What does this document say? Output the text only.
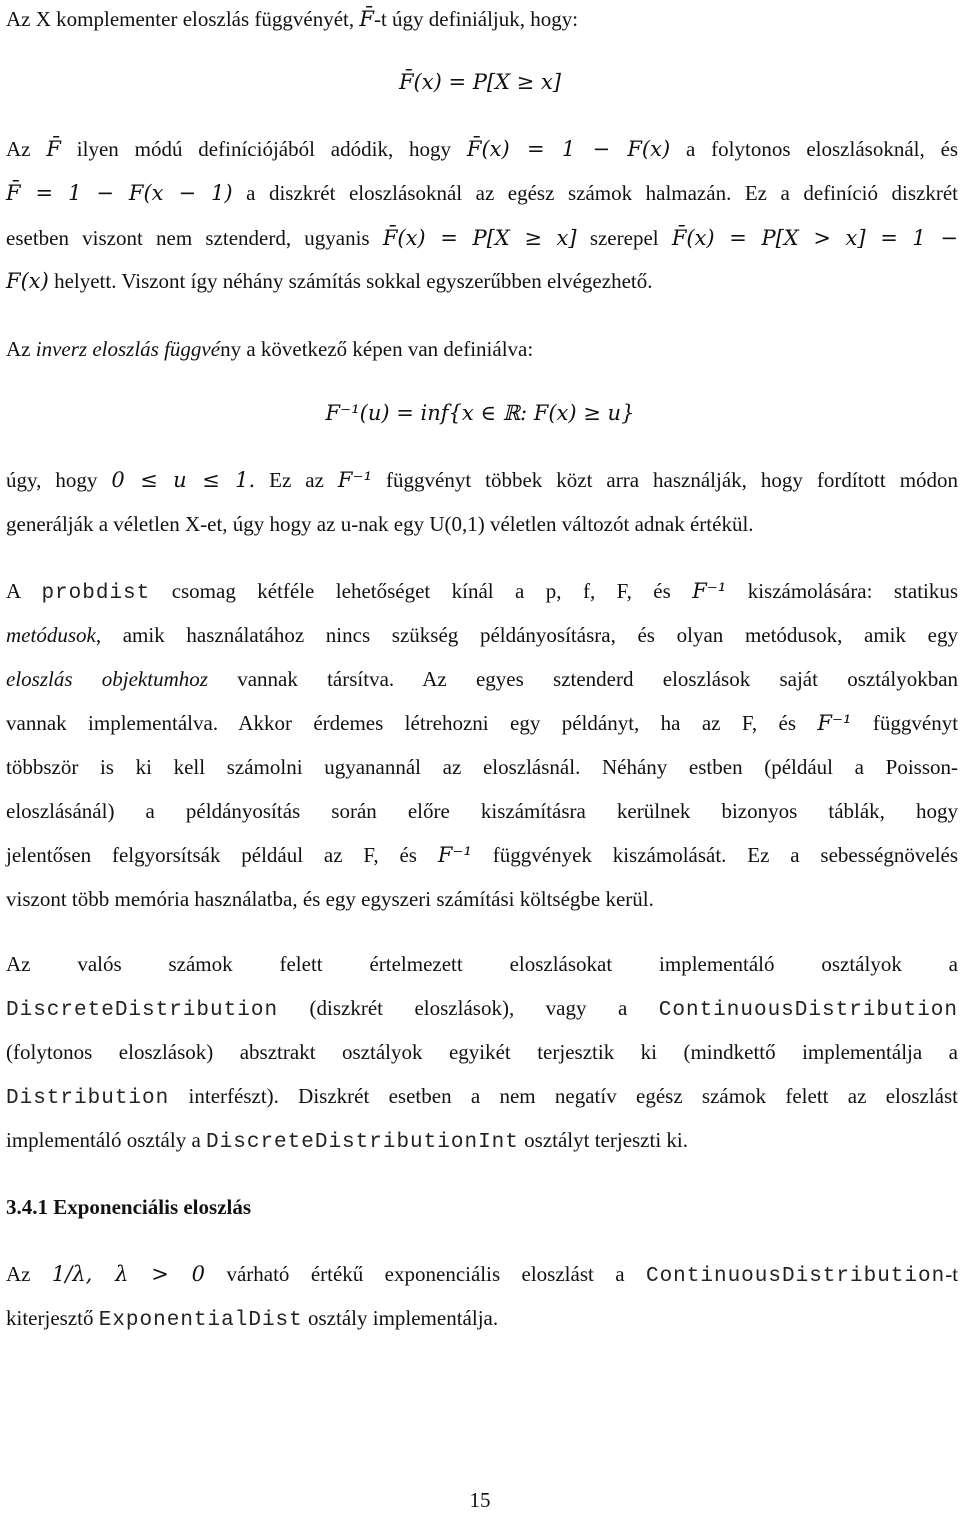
Az X komplementer eloszlás függvényét, F̄-t úgy definiáljuk, hogy:
F̄(x) = P[X ≥ x]
Az F̄ ilyen módú definíciójából adódik, hogy F̄(x) = 1 − F(x) a folytonos eloszlásoknál, és
F̄ = 1 − F(x − 1) a diszkrét eloszlásoknál az egész számok halmazán. Ez a definíció diszkrét
esetben viszont nem sztenderd, ugyanis F̄(x) = P[X ≥ x] szerepel F̄(x) = P[X > x] = 1 −
F(x) helyett. Viszont így néhány számítás sokkal egyszerűbben elvégezhető.
Az inverz eloszlás függvény a következő képen van definiálva:
F⁻¹(u) = inf{x ∈ ℝ: F(x) ≥ u}
úgy, hogy 0 ≤ u ≤ 1. Ez az F⁻¹ függvényt többek közt arra használják, hogy fordított módon
generálják a véletlen X-et, úgy hogy az u-nak egy U(0,1) véletlen változót adnak értékül.
A probdist csomag kétféle lehetőséget kínál a p, f, F, és F⁻¹ kiszámolására: statikus
metódusok, amik használatához nincs szükség példányosításra, és olyan metódusok, amik egy
eloszlás objektumhoz vannak társítva. Az egyes sztenderd eloszlások saját osztályokban
vannak implementálva. Akkor érdemes létrehozni egy példányt, ha az F, és F⁻¹ függvényt
többször is ki kell számolni ugyanannál az eloszlásnál. Néhány estben (például a Poisson-
eloszlásánál) a példányosítás során előre kiszámításra kerülnek bizonyos táblák, hogy
jelentősen felgyorsítsák például az F, és F⁻¹ függvények kiszámolását. Ez a sebességnövelés
viszont több memória használatba, és egy egyszeri számítási költségbe kerül.
Az valós számok felett értelmezett eloszlásokat implementáló osztályok a
DiscreteDistribution (diszkrét eloszlások), vagy a ContinuousDistribution
(folytonos eloszlások) absztrakt osztályok egyikét terjesztik ki (mindkettő implementálja a
Distribution interfészt). Diszkrét esetben a nem negatív egész számok felett az eloszlást
implementáló osztály a DiscreteDistributionInt osztályt terjeszti ki.
3.4.1 Exponenciális eloszlás
Az 1/λ, λ > 0 várható értékű exponenciális eloszlást a ContinuousDistribution-t
kiterjesztő ExponentialDist osztály implementálja.
15
